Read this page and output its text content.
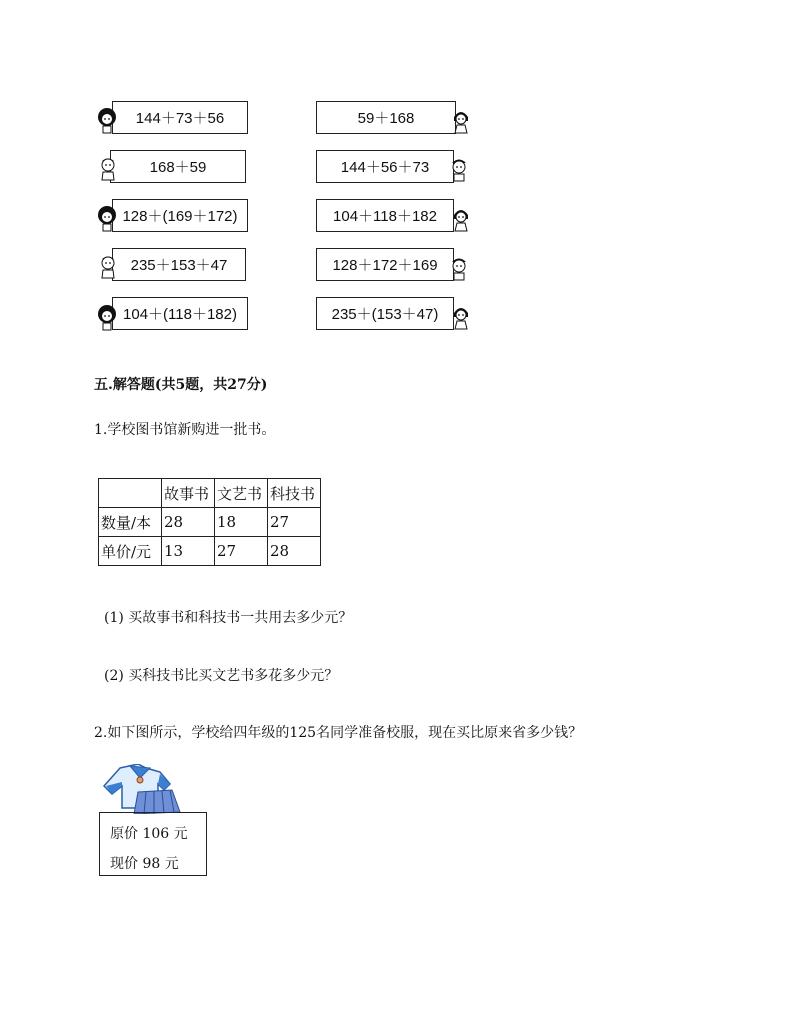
144＋73＋56
168＋59
128＋(169＋172)
235＋153＋47
104＋(118＋182)
59＋168
144＋56＋73
104＋118＋182
128＋172＋169
235＋(153＋47)
五.解答题(共5题，共27分)
1.学校图书馆新购进一批书。
	故事书	文艺书	科技书
数量/本	28	18	27
单价/元	13	27	28
(1) 买故事书和科技书一共用去多少元？
(2) 买科技书比买文艺书多花多少元？
2.如下图所示，学校给四年级的125名同学准备校服，现在买比原来省多少钱？
原价 106 元
现价 98 元
